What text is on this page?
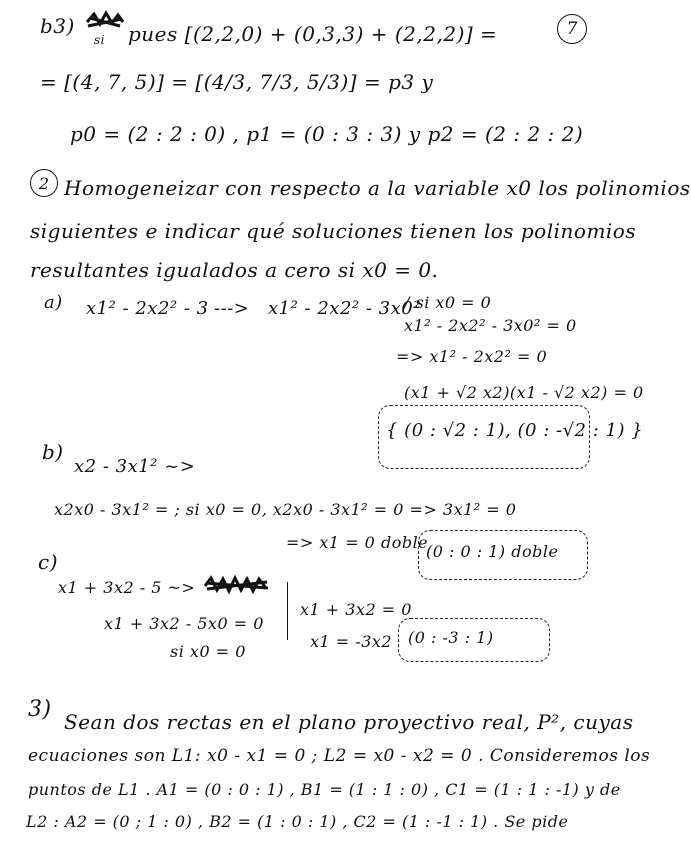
7
b3)
si pues [(2,2,0) + (0,3,3) + (2,2,2)] =
= [(4, 7, 5)] = [(4/3, 7/3, 5/3)] = p3 y
p0 = (2 : 2 : 0) , p1 = (0 : 3 : 3) y p2 = (2 : 2 : 2)
2 Homogeneizar con respecto a la variable x0 los polinomios
siguientes e indicar qué soluciones tienen los polinomios
resultantes igualados a cero si x0 = 0.
a) x1² - 2x2² - 3 ---> x1² - 2x2² - 3x0²
/ si x0 = 0
x1² - 2x2² - 3x0² = 0
=> x1² - 2x2² = 0
(x1 + √2 x2)(x1 - √2 x2) = 0
{ (0 : √2 : 1), (0 : -√2 : 1) }
b)
x2 - 3x1² ~>
x2x0 - 3x1² = ; si x0 = 0, x2x0 - 3x1² = 0 => 3x1² = 0
=> x1 = 0 doble
(0 : 0 : 1) doble
c)
x1 + 3x2 - 5 ~>
x1 + 3x2 - 5x0 = 0
si x0 = 0
x1 + 3x2 = 0
x1 = -3x2 (0 : -3 : 1)
3) Sean dos rectas en el plano proyectivo real, P², cuyas
ecuaciones son L1: x0 - x1 = 0 ; L2 = x0 - x2 = 0 . Consideremos los
puntos de L1 . A1 = (0 : 0 : 1) , B1 = (1 : 1 : 0) , C1 = (1 : 1 : -1) y de
L2 : A2 = (0 ; 1 : 0) , B2 = (1 : 0 : 1) , C2 = (1 : -1 : 1) . Se pide
